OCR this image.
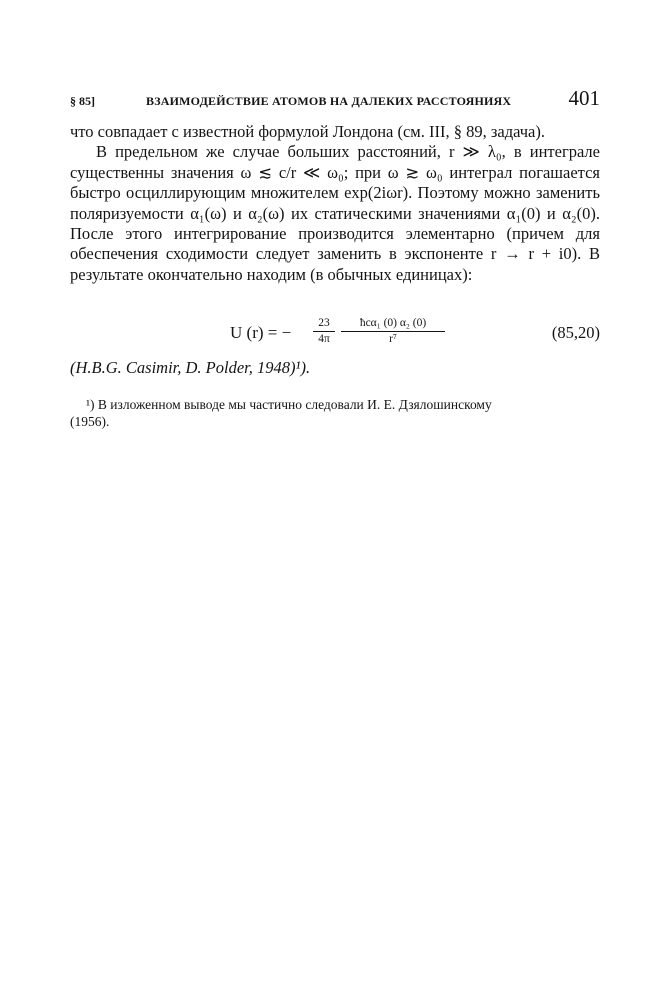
§ 85]	ВЗАИМОДЕЙСТВИЕ АТОМОВ НА ДАЛЕКИХ РАССТОЯНИЯХ	401

что совпадает с известной формулой Лондона (см. III, § 89, задача).

В предельном же случае больших расстояний, r ≫ λ₀, в интеграле существенны значения ω ≲ c/r ≪ ω₀; при ω ≳ ω₀ интеграл погашается быстро осциллирующим множителем exp(2iωr). Поэтому можно заменить поляризуемости α₁(ω) и α₂(ω) их статическими значениями α₁(0) и α₂(0). После этого интегрирование производится элементарно (причем для обеспечения сходимости следует заменить в экспоненте r → r + i0). В результате окончательно находим (в обычных единицах):

U (r) = −	23
4π
ħcα₁ (0) α₂ (0)
r⁷	(85,20)
(H.B.G. Casimir, D. Polder, 1948)¹).

¹) В изложенном выводе мы частично следовали И. Е. Дзялошинскому

(1956).
